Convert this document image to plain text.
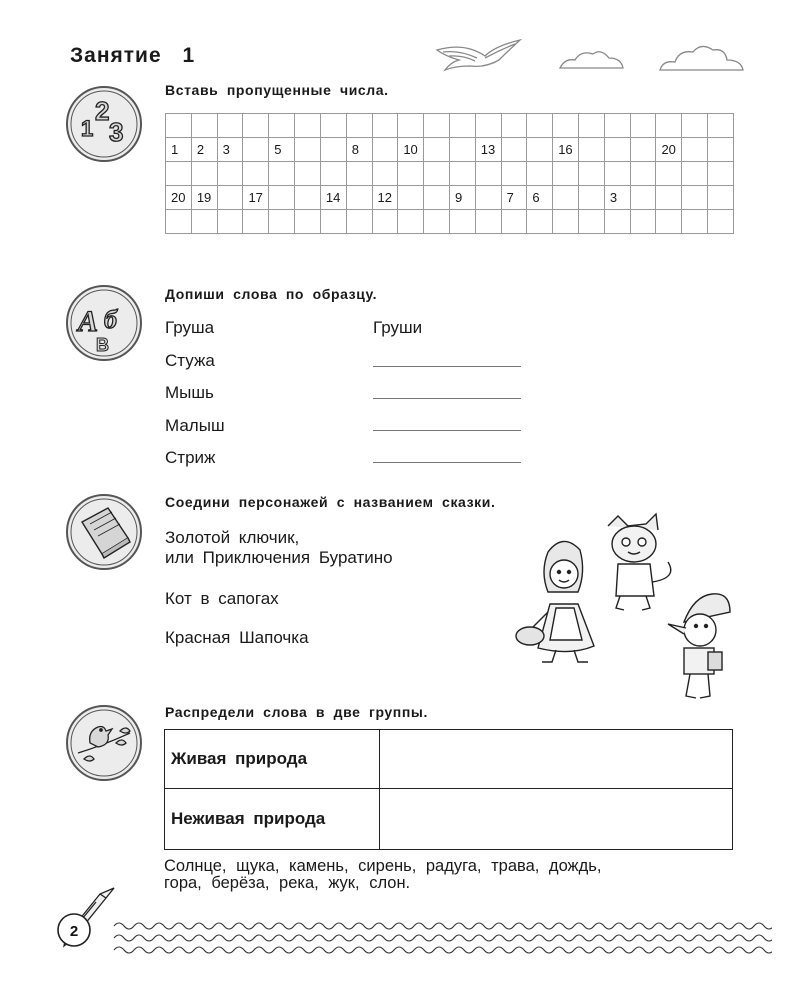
Занятие 1
1
2
3
Вставь пропущенные числа.

1	2	3		5			8		10			13			16				20		

20	19		17			14		12			9		7	6			3				

А б
В
Допиши слова по образцу.
Груша	Груши
Стужа
Мышь
Малыш
Стриж
Соедини персонажей с названием сказки.
Золотой ключик,
или Приключения Буратино
Кот в сапогах
Красная Шапочка
Распредели слова в две группы.
Живая природа	
Неживая природа	
Солнце, щука, камень, сирень, радуга, трава, дождь,
гора, берёза, река, жук, слон.
2
